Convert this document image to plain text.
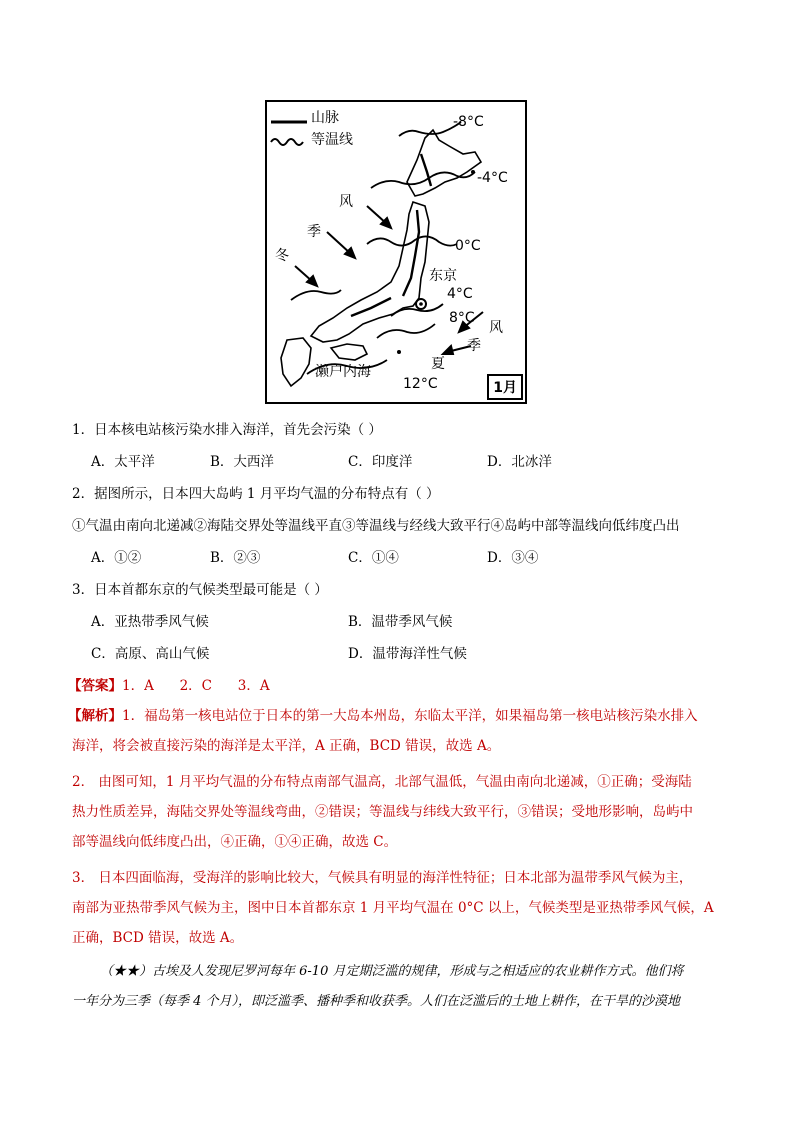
山脉
等温线
-8°C
-4°C
0°C
4°C
8°C
12°C
风
季
冬
风
季
夏
东京
濑户内海
1月
1．日本核电站核污染水排入海洋，首先会污染（ ）
A．太平洋	B．大西洋	C．印度洋	D．北冰洋
2．据图所示，日本四大岛屿 1 月平均气温的分布特点有（ ）
①气温由南向北递减②海陆交界处等温线平直③等温线与经线大致平行④岛屿中部等温线向低纬度凸出
A．①②	B．②③	C．①④	D．③④
3．日本首都东京的气候类型最可能是（ ）
A．亚热带季风气候	B．温带季风气候
C．高原、高山气候	D．温带海洋性气候
【答案】1．A      2．C      3．A
【解析】1．福岛第一核电站位于日本的第一大岛本州岛，东临太平洋，如果福岛第一核电站核污染水排入
海洋，将会被直接污染的海洋是太平洋，A 正确，BCD 错误，故选 A。
2． 由图可知，1 月平均气温的分布特点南部气温高，北部气温低，气温由南向北递减，①正确；受海陆
热力性质差异，海陆交界处等温线弯曲，②错误；等温线与纬线大致平行，③错误；受地形影响，岛屿中
部等温线向低纬度凸出，④正确，①④正确，故选 C。
3． 日本四面临海，受海洋的影响比较大，气候具有明显的海洋性特征；日本北部为温带季风气候为主，
南部为亚热带季风气候为主，图中日本首都东京 1 月平均气温在 0°C 以上，气候类型是亚热带季风气候，A
正确，BCD 错误，故选 A。
（★★）古埃及人发现尼罗河每年 6-10 月定期泛滥的规律，形成与之相适应的农业耕作方式。他们将
一年分为三季（每季 4 个月），即泛滥季、播种季和收获季。人们在泛滥后的土地上耕作，在干旱的沙漠地
